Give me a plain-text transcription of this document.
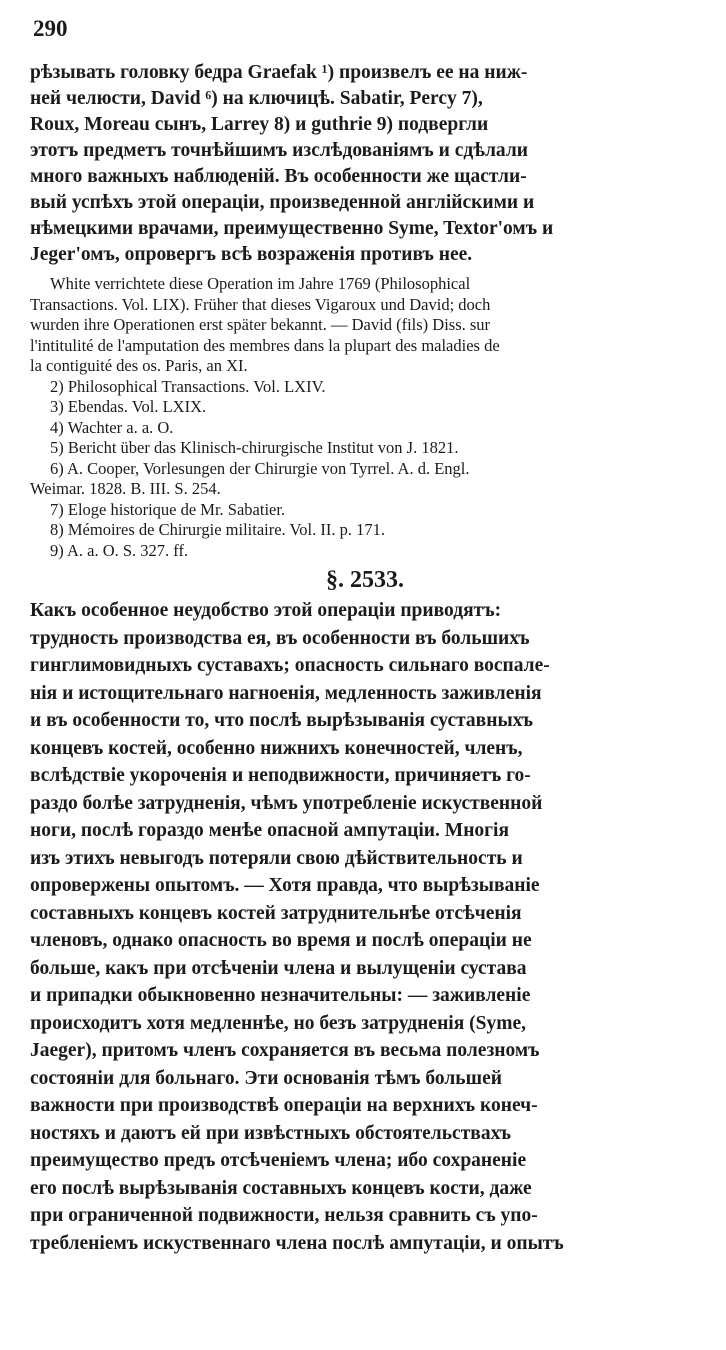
290
рѣзывать головку бедра Graefak ¹) произвелъ ее на ниж-
ней челюсти, David ⁶) на ключицѣ. Sabatir, Percy 7),
Roux, Moreau сынъ, Larrey 8) и guthrie 9) подвергли
этотъ предметъ точнѣйшимъ изслѣдованіямъ и сдѣлали
много важныхъ наблюденій. Въ особенности же щастли-
вый успѣхъ этой операціи, произведенной англійскими и
нѣмецкими врачами, преимущественно Syme, Textor'омъ и
Jeger'омъ, опровергъ всѣ возраженія противъ нее.
White verrichtete diese Operation im Jahre 1769 (Philosophical
Transactions. Vol. LIX). Früher that dieses Vigaroux und David; doch
wurden ihre Operationen erst später bekannt. — David (fils) Diss. sur
l'intitulité de l'amputation des membres dans la plupart des maladies de
la contiguité des os. Paris, an XI.
2) Philosophical Transactions. Vol. LXIV.
3) Ebendas. Vol. LXIX.
4) Wachter a. a. O.
5) Bericht über das Klinisch-chirurgische Institut von J. 1821.
6) A. Cooper, Vorlesungen der Chirurgie von Tyrrel. A. d. Engl.
Weimar. 1828. B. III. S. 254.
7) Eloge historique de Mr. Sabatier.
8) Mémoires de Chirurgie militaire. Vol. II. p. 171.
9) A. a. O. S. 327. ff.
§. 2533.
Какъ особенное неудобство этой операціи приводятъ:
трудность производства ея, въ особенности въ большихъ
гинглимовидныхъ суставахъ; опасность сильнаго воспале-
нія и истощительнаго нагноенія, медленность заживленія
и въ особенности то, что послѣ вырѣзыванія суставныхъ
концевъ костей, особенно нижнихъ конечностей, членъ,
вслѣдствіе укороченія и неподвижности, причиняетъ го-
раздо болѣе затрудненія, чѣмъ употребленіе искуственной
ноги, послѣ гораздо менѣе опасной ампутаціи. Многія
изъ этихъ невыгодъ потеряли свою дѣйствительность и
опровержены опытомъ. — Хотя правда, что вырѣзываніе
составныхъ концевъ костей затруднительнѣе отсѣченія
членовъ, однако опасность во время и послѣ операціи не
больше, какъ при отсѣченіи члена и вылущеніи сустава
и припадки обыкновенно незначительны: — заживленіе
происходитъ хотя медленнѣе, но безъ затрудненія (Syme,
Jaeger), притомъ членъ сохраняется въ весьма полезномъ
состояніи для больнаго. Эти основанія тѣмъ большей
важности при производствѣ операціи на верхнихъ конеч-
ностяхъ и даютъ ей при извѣстныхъ обстоятельствахъ
преимущество предъ отсѣченіемъ члена; ибо сохраненіе
его послѣ вырѣзыванія составныхъ концевъ кости, даже
при ограниченной подвижности, нельзя сравнить съ упо-
требленіемъ искуственнаго члена послѣ ампутаціи, и опытъ
